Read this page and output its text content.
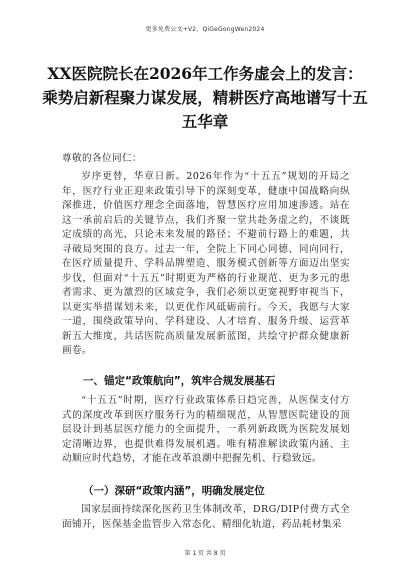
更多免费公文+V2，QiGeGongWen2024
XX医院院长在2026年工作务虚会上的发言：乘势启新程聚力谋发展，精耕医疗高地谱写十五五华章
尊敬的各位同仁：
岁序更替，华章日新。2026年作为“十五五”规划的开局之年，医疗行业正迎来政策引导下的深刻变革，健康中国战略向纵深推进，价值医疗理念全面落地，智慧医疗应用加速渗透。站在这一承前启后的关键节点，我们齐聚一堂共赴务虚之约，不谈既定成绩的高光，只论未来发展的路径；不避前行路上的难题，共寻破局突围的良方。过去一年，全院上下同心同德、同向同行，在医疗质量提升、学科品牌塑造、服务模式创新等方面迈出坚实步伐，但面对“十五五”时期更为严格的行业规范、更为多元的患者需求、更为激烈的区域竞争，我们必须以更宽视野审视当下，以更实举措谋划未来，以更优作风砥砺前行。今天，我愿与大家一道，围绕政策导向、学科建设、人才培育、服务升级、运营革新五大维度，共话医院高质量发展新蓝图，共绘守护群众健康新画卷。
一、锚定“政策航向”，筑牢合规发展基石
“十五五”时期，医疗行业政策体系日趋完善，从医保支付方式的深度改革到医疗服务行为的精细规范，从智慧医院建设的顶层设计到基层医疗能力的全面提升，一系列新政既为医院发展划定清晰边界，也提供难得发展机遇。唯有精准解读政策内涵、主动顺应时代趋势，才能在改革浪潮中把握先机、行稳致远。
（一）深研“政策内涵”，明确发展定位
国家层面持续深化医药卫生体制改革，DRG/DIP付费方式全面铺开，医保基金监管步入常态化、精细化轨道，药品耗材集采
第 1 页 共 8 页
